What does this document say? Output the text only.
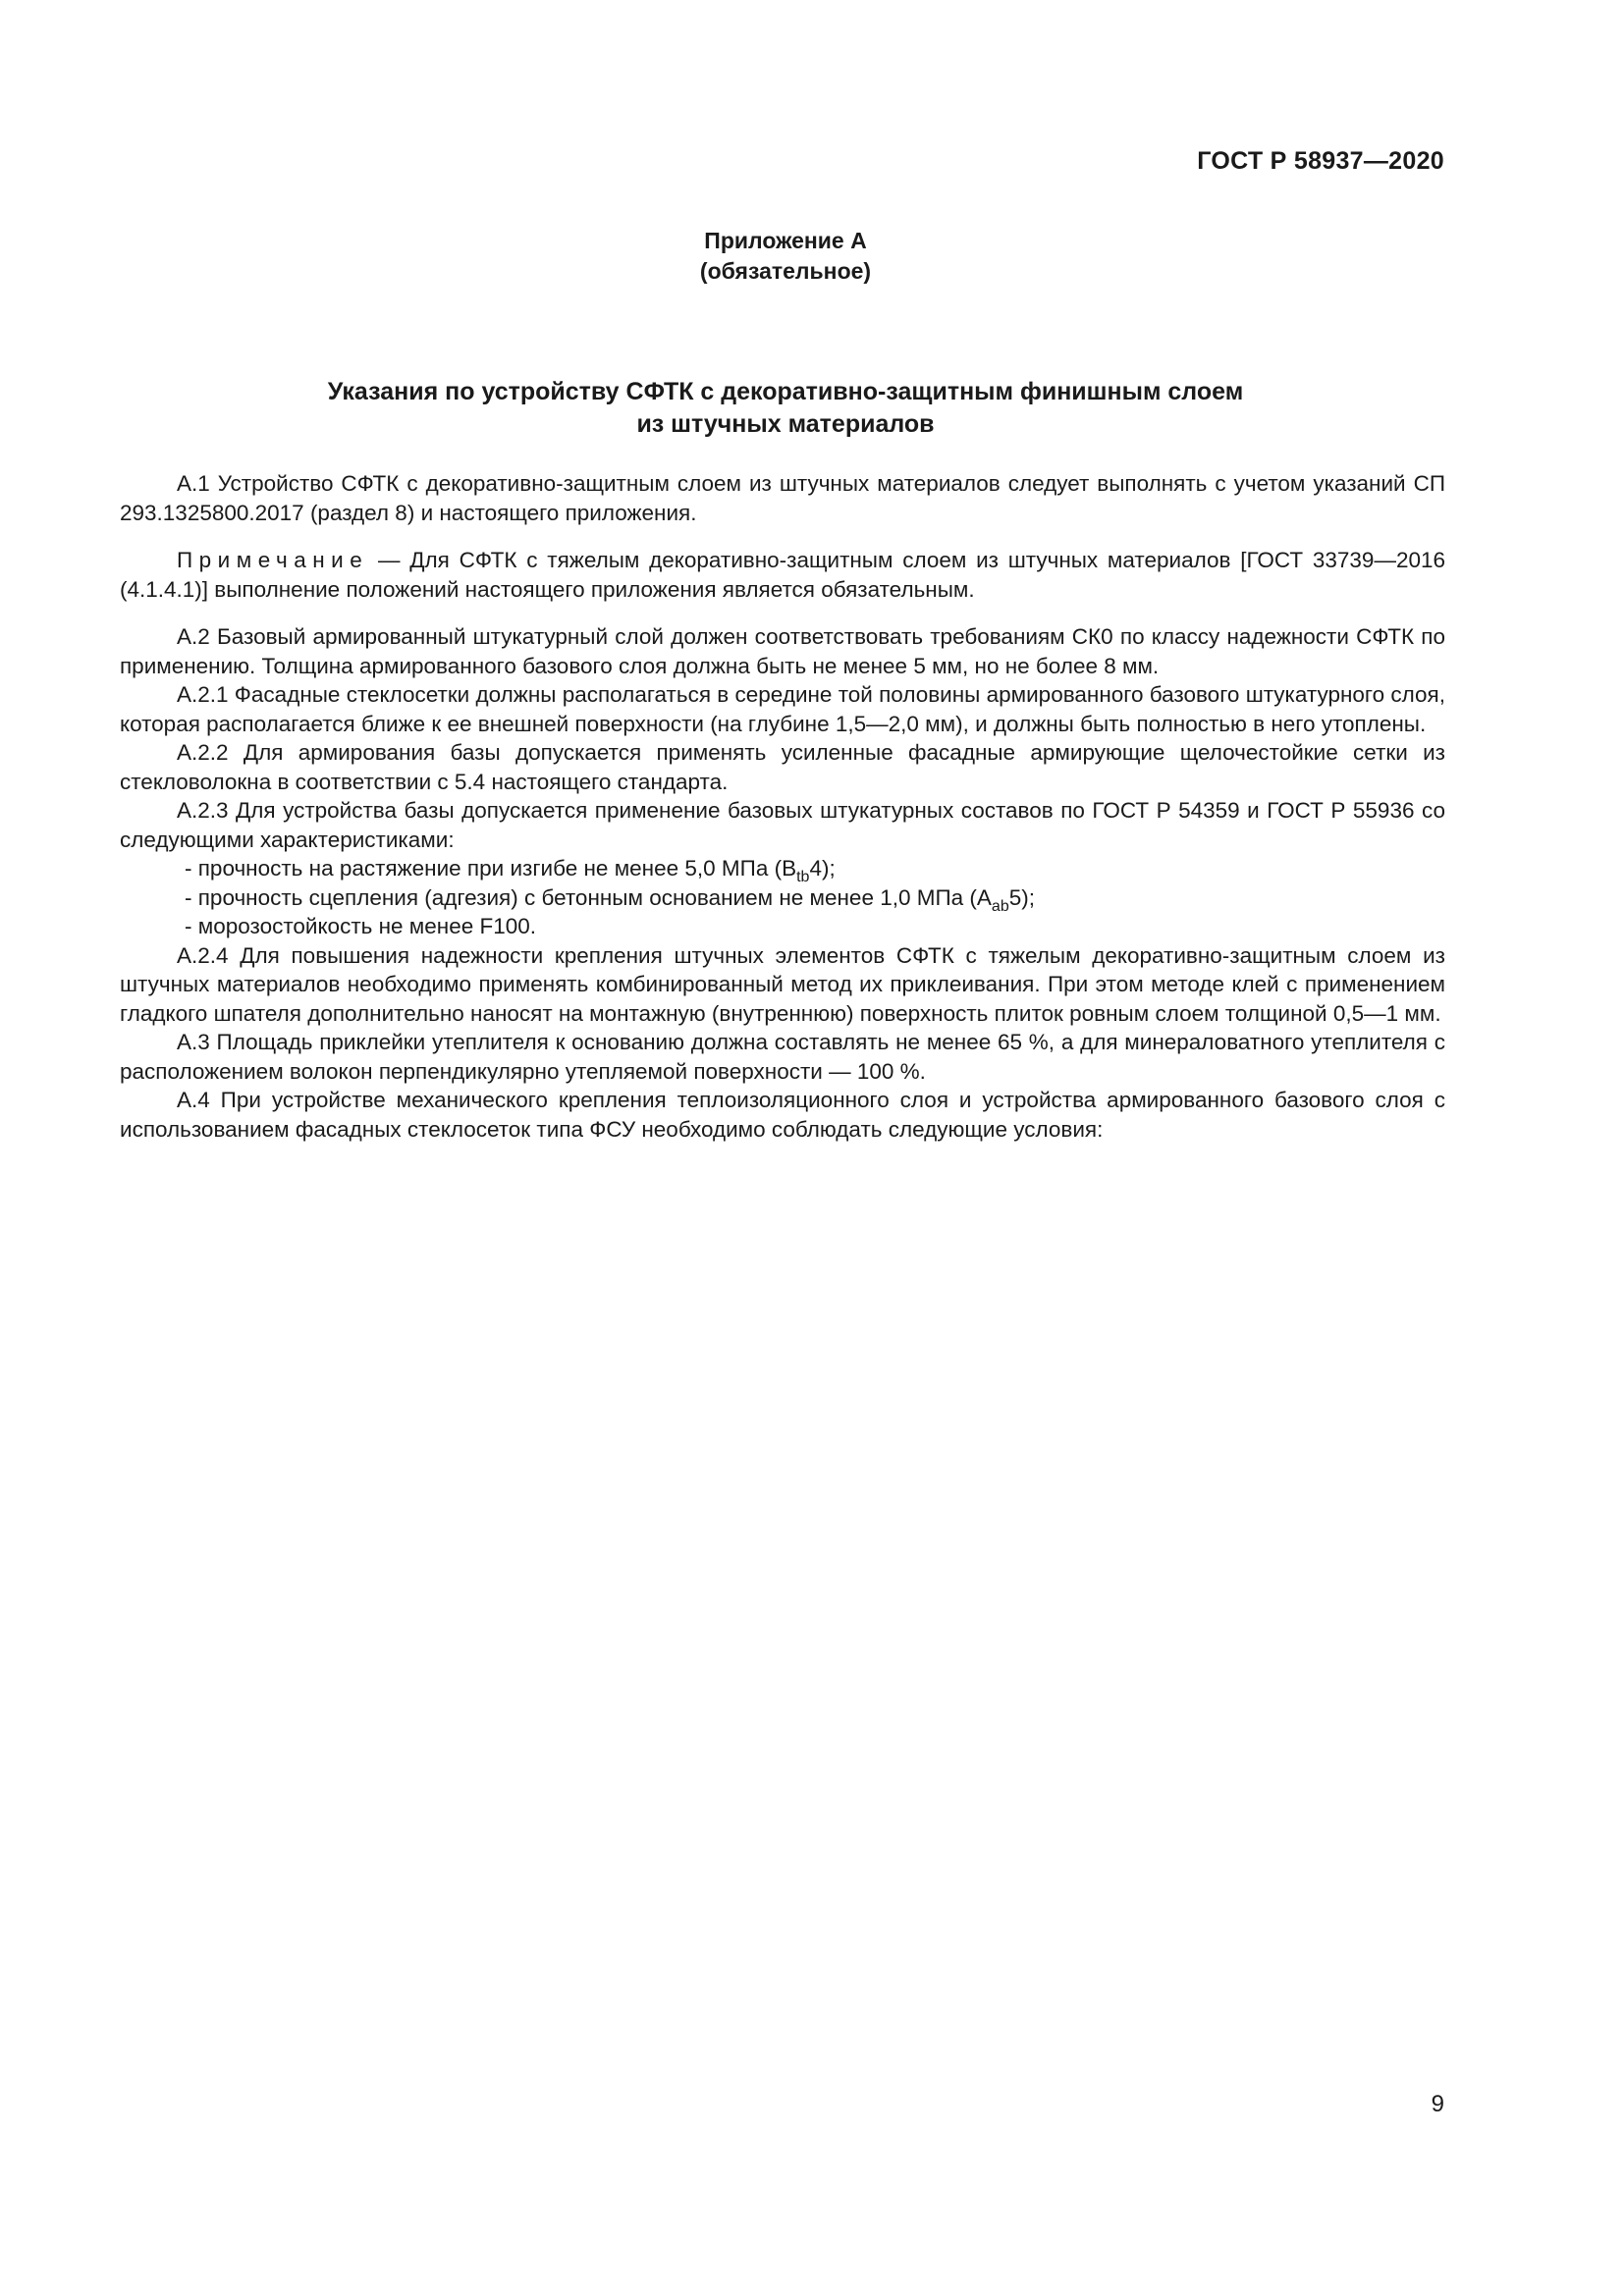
ГОСТ Р 58937—2020
Приложение А
(обязательное)
Указания по устройству СФТК с декоративно-защитным финишным слоем
из штучных материалов

А.1 Устройство СФТК с декоративно-защитным слоем из штучных материалов следует выполнять с учетом указаний СП 293.1325800.2017 (раздел 8) и настоящего приложения.

Примечание — Для СФТК с тяжелым декоративно-защитным слоем из штучных материалов [ГОСТ 33739—2016 (4.1.4.1)] выполнение положений настоящего приложения является обязательным.

А.2 Базовый армированный штукатурный слой должен соответствовать требованиям СК0 по классу надежности СФТК по применению. Толщина армированного базового слоя должна быть не менее 5 мм, но не более 8 мм.

А.2.1 Фасадные стеклосетки должны располагаться в середине той половины армированного базового штукатурного слоя, которая располагается ближе к ее внешней поверхности (на глубине 1,5—2,0 мм), и должны быть полностью в него утоплены.

А.2.2 Для армирования базы допускается применять усиленные фасадные армирующие щелочестойкие сетки из стекловолокна в соответствии с 5.4 настоящего стандарта.

А.2.3 Для устройства базы допускается применение базовых штукатурных составов по ГОСТ Р 54359 и ГОСТ Р 55936 со следующими характеристиками:

- прочность на растяжение при изгибе не менее 5,0 МПа $(B_{tb}4)$;

- прочность сцепления (адгезия) с бетонным основанием не менее 1,0 МПа $(A_{ab}5)$;

- морозостойкость не менее F100.

А.2.4 Для повышения надежности крепления штучных элементов СФТК с тяжелым декоративно-защитным слоем из штучных материалов необходимо применять комбинированный метод их приклеивания. При этом методе клей с применением гладкого шпателя дополнительно наносят на монтажную (внутреннюю) поверхность плиток ровным слоем толщиной 0,5—1 мм.

А.3 Площадь приклейки утеплителя к основанию должна составлять не менее 65 %, а для минераловатного утеплителя с расположением волокон перпендикулярно утепляемой поверхности — 100 %.

А.4 При устройстве механического крепления теплоизоляционного слоя и устройства армированного базового слоя с использованием фасадных стеклосеток типа ФСУ необходимо соблюдать следующие условия:

9
